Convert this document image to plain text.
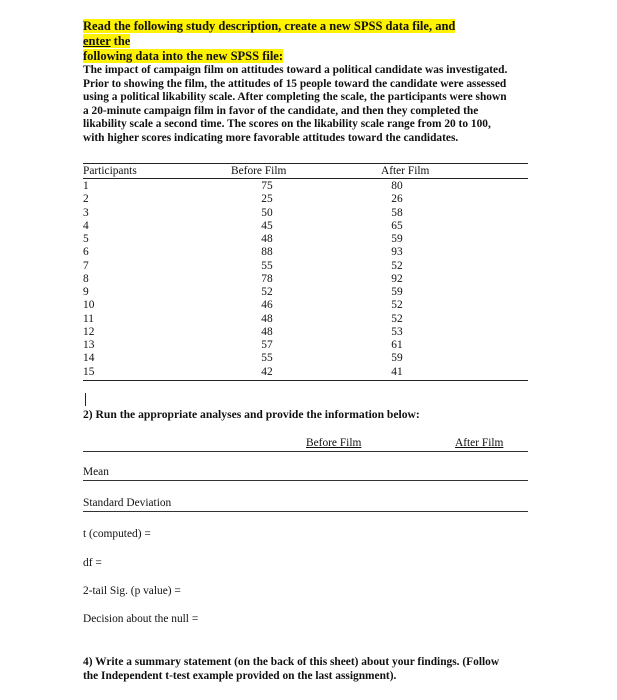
Read the following study description, create a new SPSS data file, and enter the
following data into the new SPSS file:

The impact of campaign film on attitudes toward a political candidate was investigated.

Prior to showing the film, the attitudes of 15 people toward the candidate were assessed

using a political likability scale. After completing the scale, the participants were shown

a 20-minute campaign film in favor of the candidate, and then they completed the

likability scale a second time. The scores on the likability scale range from 20 to 100,

with higher scores indicating more favorable attitudes toward the candidates.

Participants	Before Film	After Film
1	75	80
2	25	26
3	50	58
4	45	65
5	48	59
6	88	93
7	55	52
8	78	92
9	52	59
10	46	52
11	48	52
12	48	53
13	57	61
14	55	59
15	42	41
2) Run the appropriate analyses and provide the information below:
Before Film	After Film
Mean
Standard Deviation
t (computed) =
df =
2-tail Sig. (p value) =
Decision about the null =

4) Write a summary statement (on the back of this sheet) about your findings. (Follow

the Independent t-test example provided on the last assignment).
